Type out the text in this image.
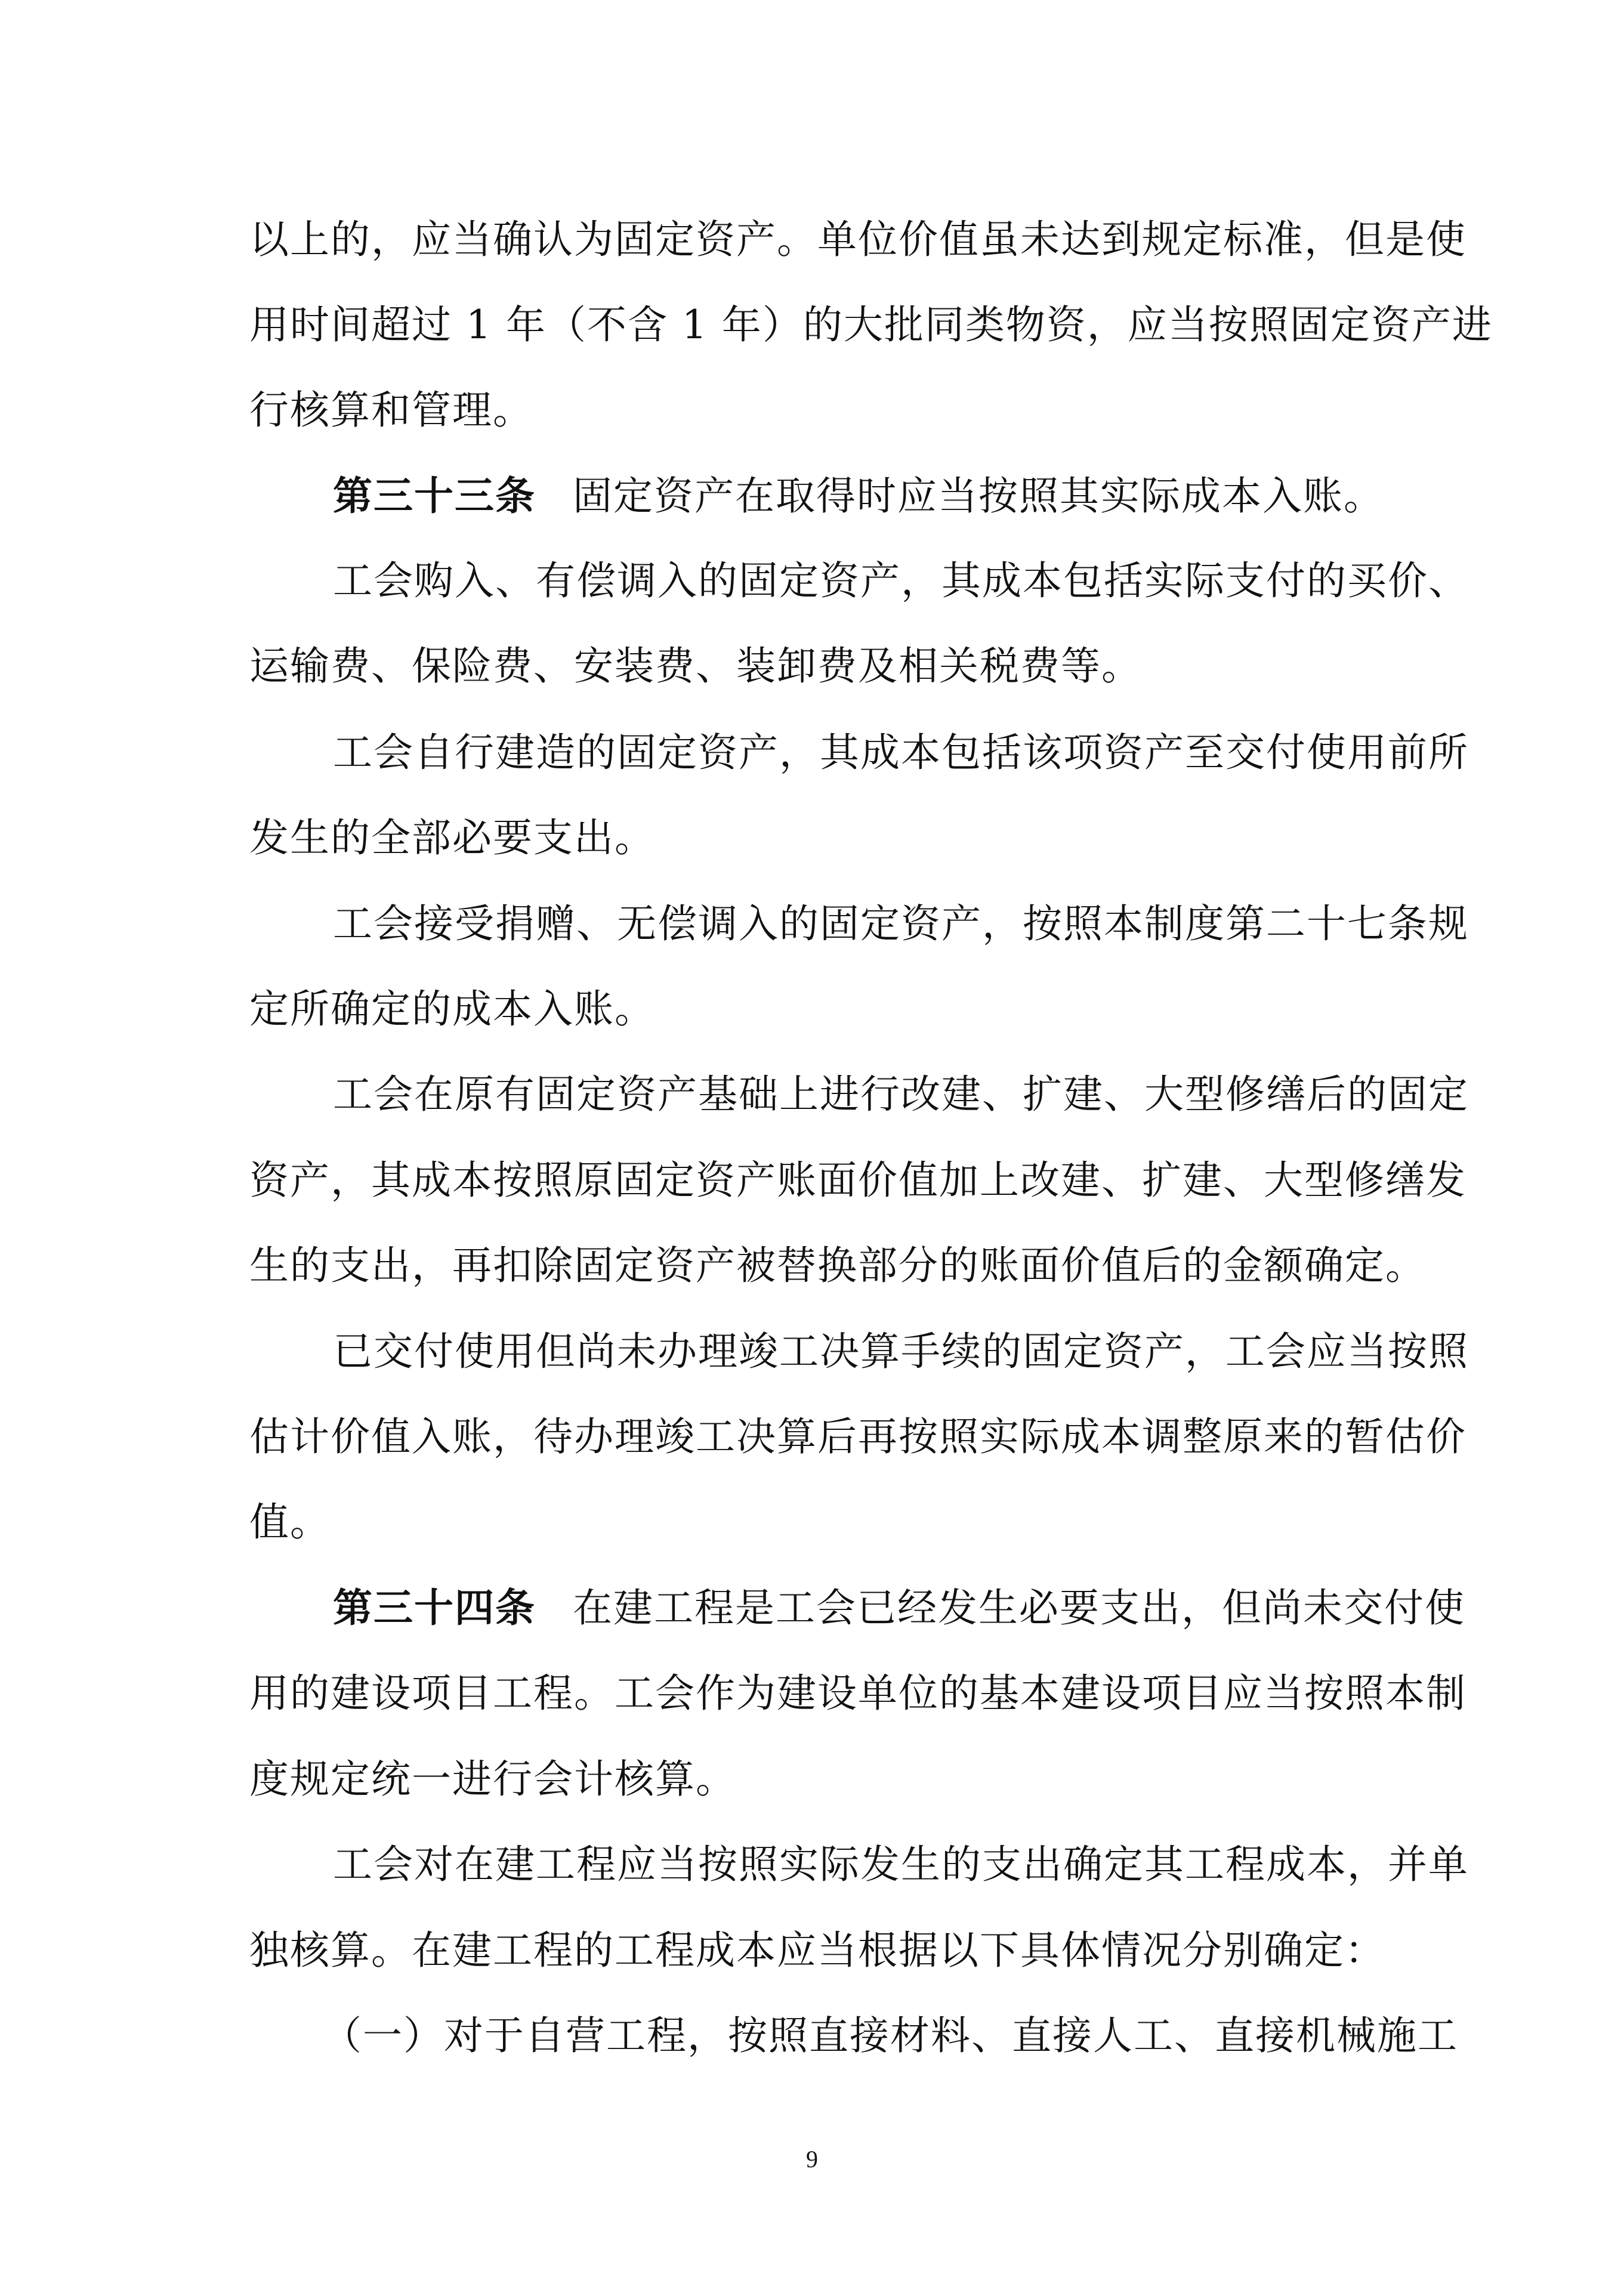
以上的，应当确认为固定资产。单位价值虽未达到规定标准，但是使
用时间超过 1 年（不含 1 年）的大批同类物资，应当按照固定资产进
行核算和管理。
第三十三条 固定资产在取得时应当按照其实际成本入账。
工会购入、有偿调入的固定资产，其成本包括实际支付的买价、
运输费、保险费、安装费、装卸费及相关税费等。
工会自行建造的固定资产，其成本包括该项资产至交付使用前所
发生的全部必要支出。
工会接受捐赠、无偿调入的固定资产，按照本制度第二十七条规
定所确定的成本入账。
工会在原有固定资产基础上进行改建、扩建、大型修缮后的固定
资产，其成本按照原固定资产账面价值加上改建、扩建、大型修缮发
生的支出，再扣除固定资产被替换部分的账面价值后的金额确定。
已交付使用但尚未办理竣工决算手续的固定资产，工会应当按照
估计价值入账，待办理竣工决算后再按照实际成本调整原来的暂估价
值。
第三十四条 在建工程是工会已经发生必要支出，但尚未交付使
用的建设项目工程。工会作为建设单位的基本建设项目应当按照本制
度规定统一进行会计核算。
工会对在建工程应当按照实际发生的支出确定其工程成本，并单
独核算。在建工程的工程成本应当根据以下具体情况分别确定：
（一）对于自营工程，按照直接材料、直接人工、直接机械施工
9
